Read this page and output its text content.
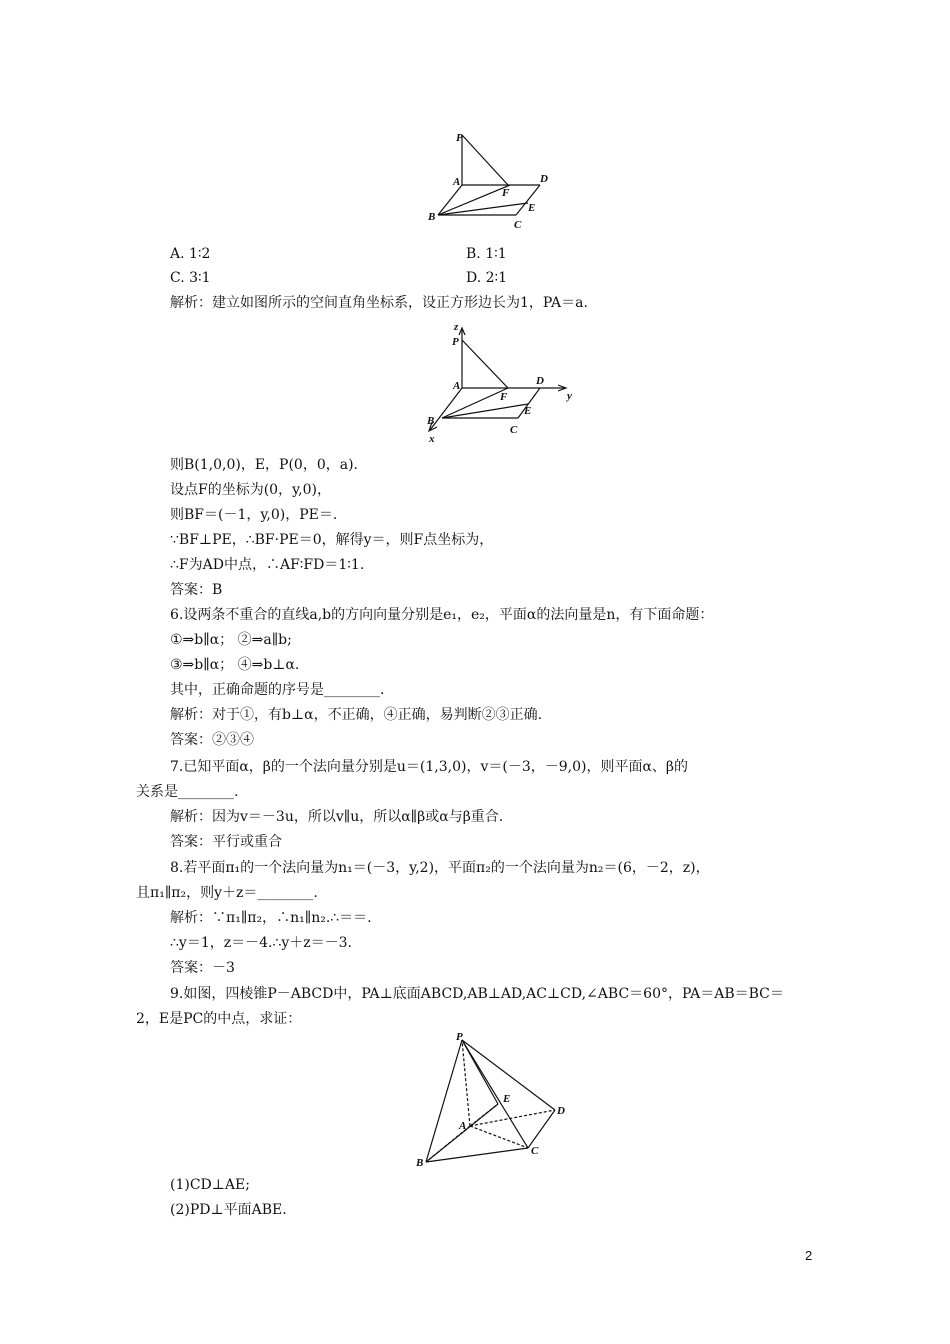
P
A	D
F
E
B
C
A. 1∶2	B. 1∶1
C. 3∶1	D. 2∶1
解析：建立如图所示的空间直角坐标系，设正方形边长为1，PA＝a.
z
P
A	D
y
F
E
B
x
C
则B(1,0,0)，E，P(0，0，a).
设点F的坐标为(0，y,0)，
则BF＝(－1，y,0)，PE＝.
∵BF⊥PE，∴BF·PE＝0，解得y＝，则F点坐标为，
∴F为AD中点，∴AF∶FD＝1∶1.
答案：B
6.设两条不重合的直线a,b的方向向量分别是e₁，e₂，平面α的法向量是n，有下面命题：
①⇒b∥α； ②⇒a∥b;
③⇒b∥α； ④⇒b⊥α.
其中，正确命题的序号是________.
解析：对于①，有b⊥α，不正确，④正确，易判断②③正确.
答案：②③④
7.已知平面α，β的一个法向量分别是u＝(1,3,0)，v＝(－3，－9,0)，则平面α、β的
关系是________.
解析：因为v＝－3u，所以v∥u，所以α∥β或α与β重合.
答案：平行或重合
8.若平面π₁的一个法向量为n₁＝(－3，y,2)，平面π₂的一个法向量为n₂＝(6，－2，z)，
且π₁∥π₂，则y＋z＝________.
解析：∵π₁∥π₂，∴n₁∥n₂.∴＝＝.
∴y＝1，z＝－4.∴y＋z＝－3.
答案：－3
9.如图，四棱锥P－ABCD中，PA⊥底面ABCD,AB⊥AD,AC⊥CD,∠ABC＝60°，PA＝AB＝BC＝
2，E是PC的中点，求证：
P
E
A
D
B
C
(1)CD⊥AE;
(2)PD⊥平面ABE.
2
